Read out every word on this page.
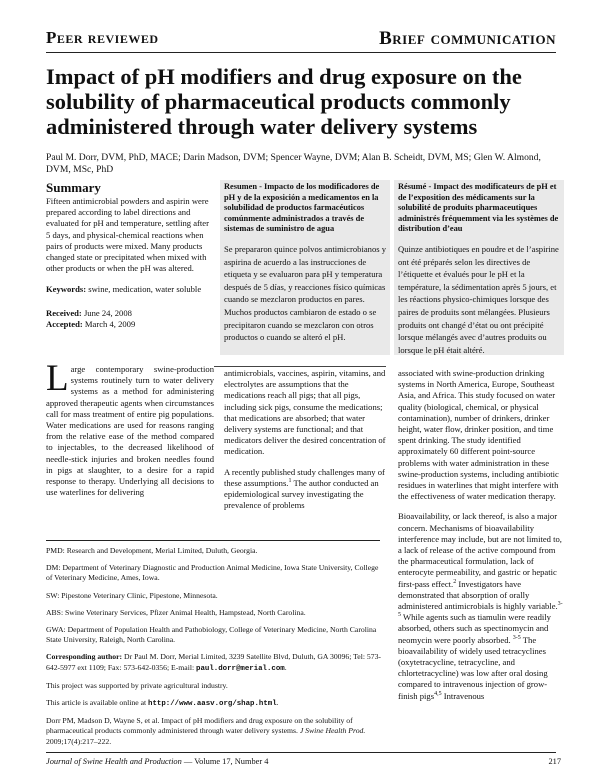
Peer reviewed	Brief communication
Impact of pH modifiers and drug exposure on the solubility of pharmaceutical products commonly administered through water delivery systems
Paul M. Dorr, DVM, PhD, MACE; Darin Madson, DVM; Spencer Wayne, DVM; Alan B. Scheidt, DVM, MS; Glen W. Almond, DVM, MSc, PhD
Summary
Fifteen antimicrobial powders and aspirin were prepared according to label directions and evaluated for pH and temperature, settling after 5 days, and physical-chemical reactions when pairs of products were mixed. Many products changed state or precipitated when mixed with other products or when the pH was altered.
Keywords: swine, medication, water soluble
Received: June 24, 2008
Accepted: March 4, 2009
Resumen - Impacto de los modificadores de pH y de la exposición a medicamentos en la solubilidad de productos farmacéuticos comúnmente administrados a través de sistemas de suministro de agua
Se prepararon quince polvos antimicrobianos y aspirina de acuerdo a las instrucciones de etiqueta y se evaluaron para pH y temperatura después de 5 días, y reacciones físico químicas cuando se mezclaron productos en pares. Muchos productos cambiaron de estado o se precipitaron cuando se mezclaron con otros productos o cuando se alteró el pH.
Résumé - Impact des modificateurs de pH et de l’exposition des médicaments sur la solubilité de produits pharmaceutiques administrés fréquemment via les systèmes de distribution d’eau
Quinze antibiotiques en poudre et de l’aspirine ont été préparés selon les directives de l’étiquette et évalués pour le pH et la température, la sédimentation après 5 jours, et les réactions physico-chimiques lorsque des paires de produits sont mélangées. Plusieurs produits ont changé d’état ou ont précipité lorsque mélangés avec d’autres produits ou lorsque le pH était altéré.
Large contemporary swine-production systems routinely turn to water delivery systems as a method for administering approved therapeutic agents when circumstances call for mass treatment of entire pig populations. Water medications are used for reasons ranging from the relative ease of the method compared to injectables, to the decreased likelihood of needle-stick injuries and broken needles found in pigs at slaughter, to a desire for a rapid response to therapy. Underlying all decisions to use waterlines for delivering
antimicrobials, vaccines, aspirin, vitamins, and electrolytes are assumptions that the medications reach all pigs; that all pigs, including sick pigs, consume the medications; that medications are absorbed; that water delivery systems are functional; and that medicators deliver the desired concentration of medication.
A recently published study challenges many of these assumptions.$^1$ The author conducted an epidemiological survey investigating the prevalence of problems
associated with swine-production drinking systems in North America, Europe, Southeast Asia, and Africa. This study focused on water quality (biological, chemical, or physical contamination), number of drinkers, drinker height, water flow, drinker position, and time spent drinking. The study identified approximately 60 different point-source problems with water administration in these swine-production systems, including antibiotic residues in waterlines that might interfere with the effectiveness of water medication therapy.
Bioavailability, or lack thereof, is also a major concern. Mechanisms of bioavailability interference may include, but are not limited to, a lack of release of the active compound from the pharmaceutical formulation, lack of enterocyte permeability, and gastric or hepatic first-pass effect.$^2$ Investigators have demonstrated that absorption of orally administered antimicrobials is highly variable.$^{3-5}$ While agents such as tiamulin were readily absorbed, others such as spectinomycin and neomycin were poorly absorbed. $^{3-5}$ The bioavailability of widely used tetracyclines (oxytetracycline, tetracycline, and chlortetracycline) was low after oral dosing compared to intravenous injection of grow-finish pigs$^{4,5}$ Intravenous

PMD: Research and Development, Merial Limited, Duluth, Georgia.

DM: Department of Veterinary Diagnostic and Production Animal Medicine, Iowa State University, College of Veterinary Medicine, Ames, Iowa.

SW: Pipestone Veterinary Clinic, Pipestone, Minnesota.

ABS: Swine Veterinary Services, Pfizer Animal Health, Hampstead, North Carolina.

GWA: Department of Population Health and Pathobiology, College of Veterinary Medicine, North Carolina State University, Raleigh, North Carolina.

Corresponding author: Dr Paul M. Dorr, Merial Limited, 3239 Satellite Blvd, Duluth, GA 30096; Tel: 573-642-5977 ext 1109; Fax: 573-642-0356; E-mail: paul.dorr@merial.com.

This project was supported by private agricultural industry.

This article is available online at http://www.aasv.org/shap.html.

Dorr PM, Madson D, Wayne S, et al. Impact of pH modifiers and drug exposure on the solubility of pharmaceutical products commonly administered through water delivery systems. J Swine Health Prod. 2009;17(4):217–222.

Journal of Swine Health and Production — Volume 17, Number 4	217
